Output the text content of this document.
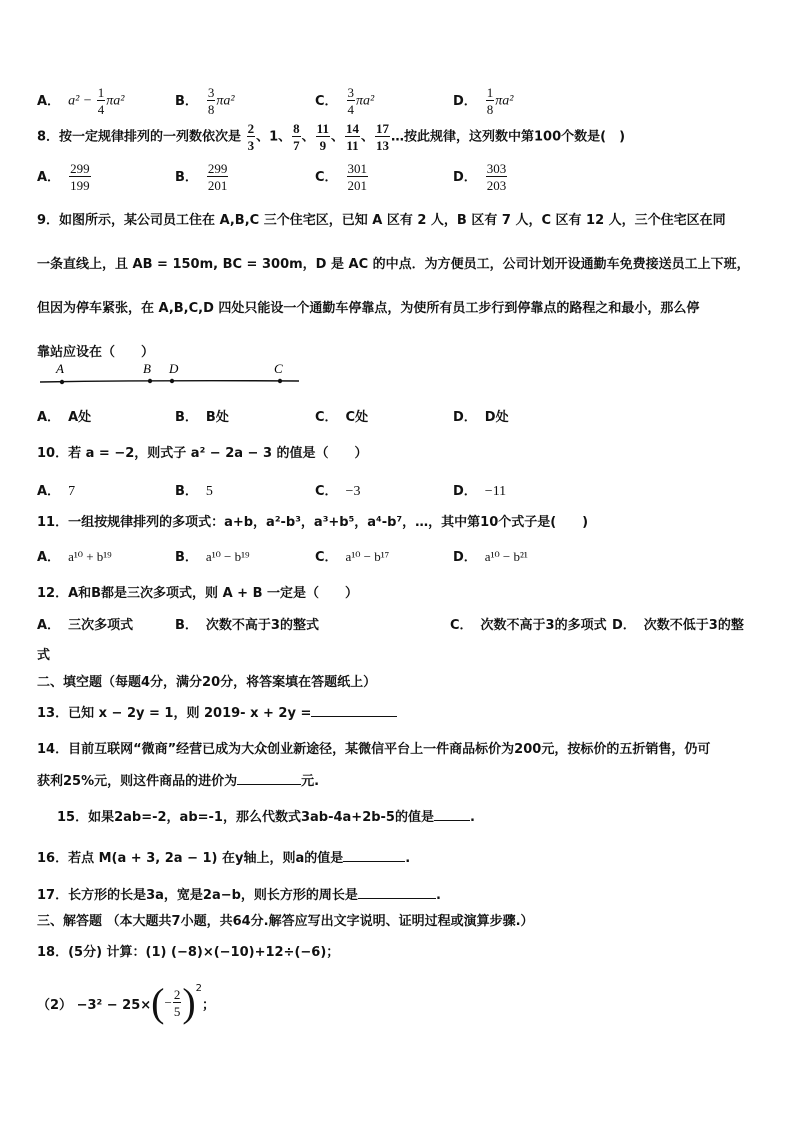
A． $a^2 - \frac{1}{4} \pi a^2$	B． $\frac{3}{8} \pi a^2$	C． $\frac{3}{4} \pi a^2$	D． $\frac{1}{8} \pi a^2$
8．按一定规律排列的一列数依次是 $\frac{2}{3}$ 、1、 $\frac{8}{7}$ 、 $\frac{11}{9}$ 、 $\frac{14}{11}$ 、 $\frac{17}{13}$ …按此规律，这列数中第100个数是(　)
A． $\frac{299}{199}$	B． $\frac{299}{201}$	C． $\frac{301}{201}$	D． $\frac{303}{203}$
9．如图所示，某公司员工住在 A,B,C 三个住宅区，已知 A 区有 2 人，B 区有 7 人，C 区有 12 人，三个住宅区在同
一条直线上，且 AB = 150m, BC = 300m，D 是 AC 的中点．为方便员工，公司计划开设通勤车免费接送员工上下班，
但因为停车紧张，在 A,B,C,D 四处只能设一个通勤车停靠点，为使所有员工步行到停靠点的路程之和最小，那么停
靠站应设在（　　）
A	B D	C
A． A处	B． B处	C． C处	D． D处
10．若 a = −2，则式子 a² − 2a − 3 的值是（　　）
A． 7	B． 5	C． −3	D． −11
11．一组按规律排列的多项式：a+b，a²-b³，a³+b⁵，a⁴-b⁷，…，其中第10个式子是(　　)
A． a¹⁰ + b¹⁹	B． a¹⁰ − b¹⁹	C． a¹⁰ − b¹⁷	D． a¹⁰ − b²¹
12．A和B都是三次多项式，则 A + B 一定是（　　）
A． 三次多项式	B． 次数不高于3的整式	C． 次数不高于3的多项式 D． 次数不低于3的整
式
二、填空题（每题4分，满分20分，将答案填在答题纸上）
13．已知 x − 2y = 1，则 2019- x + 2y =
14．目前互联网“微商”经营已成为大众创业新途径，某微信平台上一件商品标价为200元，按标价的五折销售，仍可
获利25%元，则这件商品的进价为	元.
15．如果2ab=-2，ab=-1，那么代数式3ab-4a+2b-5的值是	.
16．若点 M(a + 3, 2a − 1) 在y轴上，则a的值是	.
17．长方形的长是3a，宽是2a−b，则长方形的周长是	.
三、解答题 （本大题共7小题，共64分.解答应写出文字说明、证明过程或演算步骤.）
18．(5分) 计算：(1) (−8)×(−10)+12÷(−6)；
（2） −3² − 25× ( − $\frac{2}{5}$ ) 2
；
